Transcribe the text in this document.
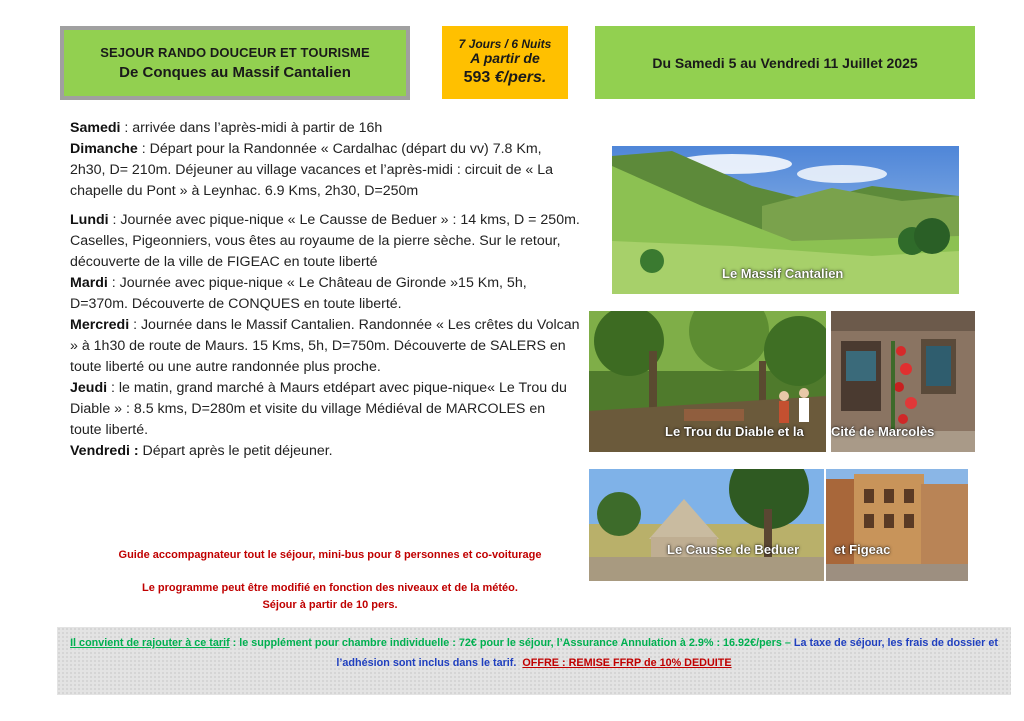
SEJOUR RANDO DOUCEUR ET TOURISME
De Conques au Massif Cantalien
7 Jours / 6 Nuits
A partir de
593 €/pers.
Du Samedi 5 au Vendredi 11 Juillet 2025

Samedi : arrivée dans l’après-midi à partir de 16h

Dimanche : Départ pour la Randonnée « Cardalhac (départ du vv) 7.8 Km, 2h30, D= 210m. Déjeuner au village vacances et l’après-midi : circuit de « La chapelle du Pont » à Leynhac. 6.9 Kms, 2h30, D=250m

Lundi : Journée avec pique-nique « Le Causse de Beduer » : 14 kms, D = 250m. Caselles, Pigeonniers, vous êtes au royaume de la pierre sèche. Sur le retour, découverte de la ville de FIGEAC en toute liberté

Mardi : Journée avec pique-nique « Le Château de Gironde »15 Km, 5h, D=370m. Découverte de CONQUES en toute liberté.

Mercredi : Journée dans le Massif Cantalien. Randonnée « Les crêtes du Volcan » à 1h30 de route de Maurs. 15 Kms, 5h, D=750m. Découverte de SALERS en toute liberté ou une autre randonnée plus proche.

Jeudi : le matin, grand marché à Maurs etdépart avec pique-nique« Le Trou du Diable » : 8.5 kms, D=280m et visite du village Médiéval de MARCOLES en toute liberté.

Vendredi : Départ après le petit déjeuner.

Guide accompagnateur tout le séjour, mini-bus pour 8 personnes et co-voiturage
Le programme peut être modifié en fonction des niveaux et de la météo.
Séjour à partir de 10 pers.
Le Massif Cantalien
Le Trou du Diable et la Cité de Marcolès
Le Causse de Beduer	et Figeac
Il convient de rajouter à ce tarif : le supplément pour chambre individuelle : 72€ pour le séjour, l’Assurance Annulation à 2.9% : 16.92€/pers – La taxe de séjour, les frais de dossier et l’adhésion sont inclus dans le tarif. OFFRE : REMISE FFRP de 10% DEDUITE
